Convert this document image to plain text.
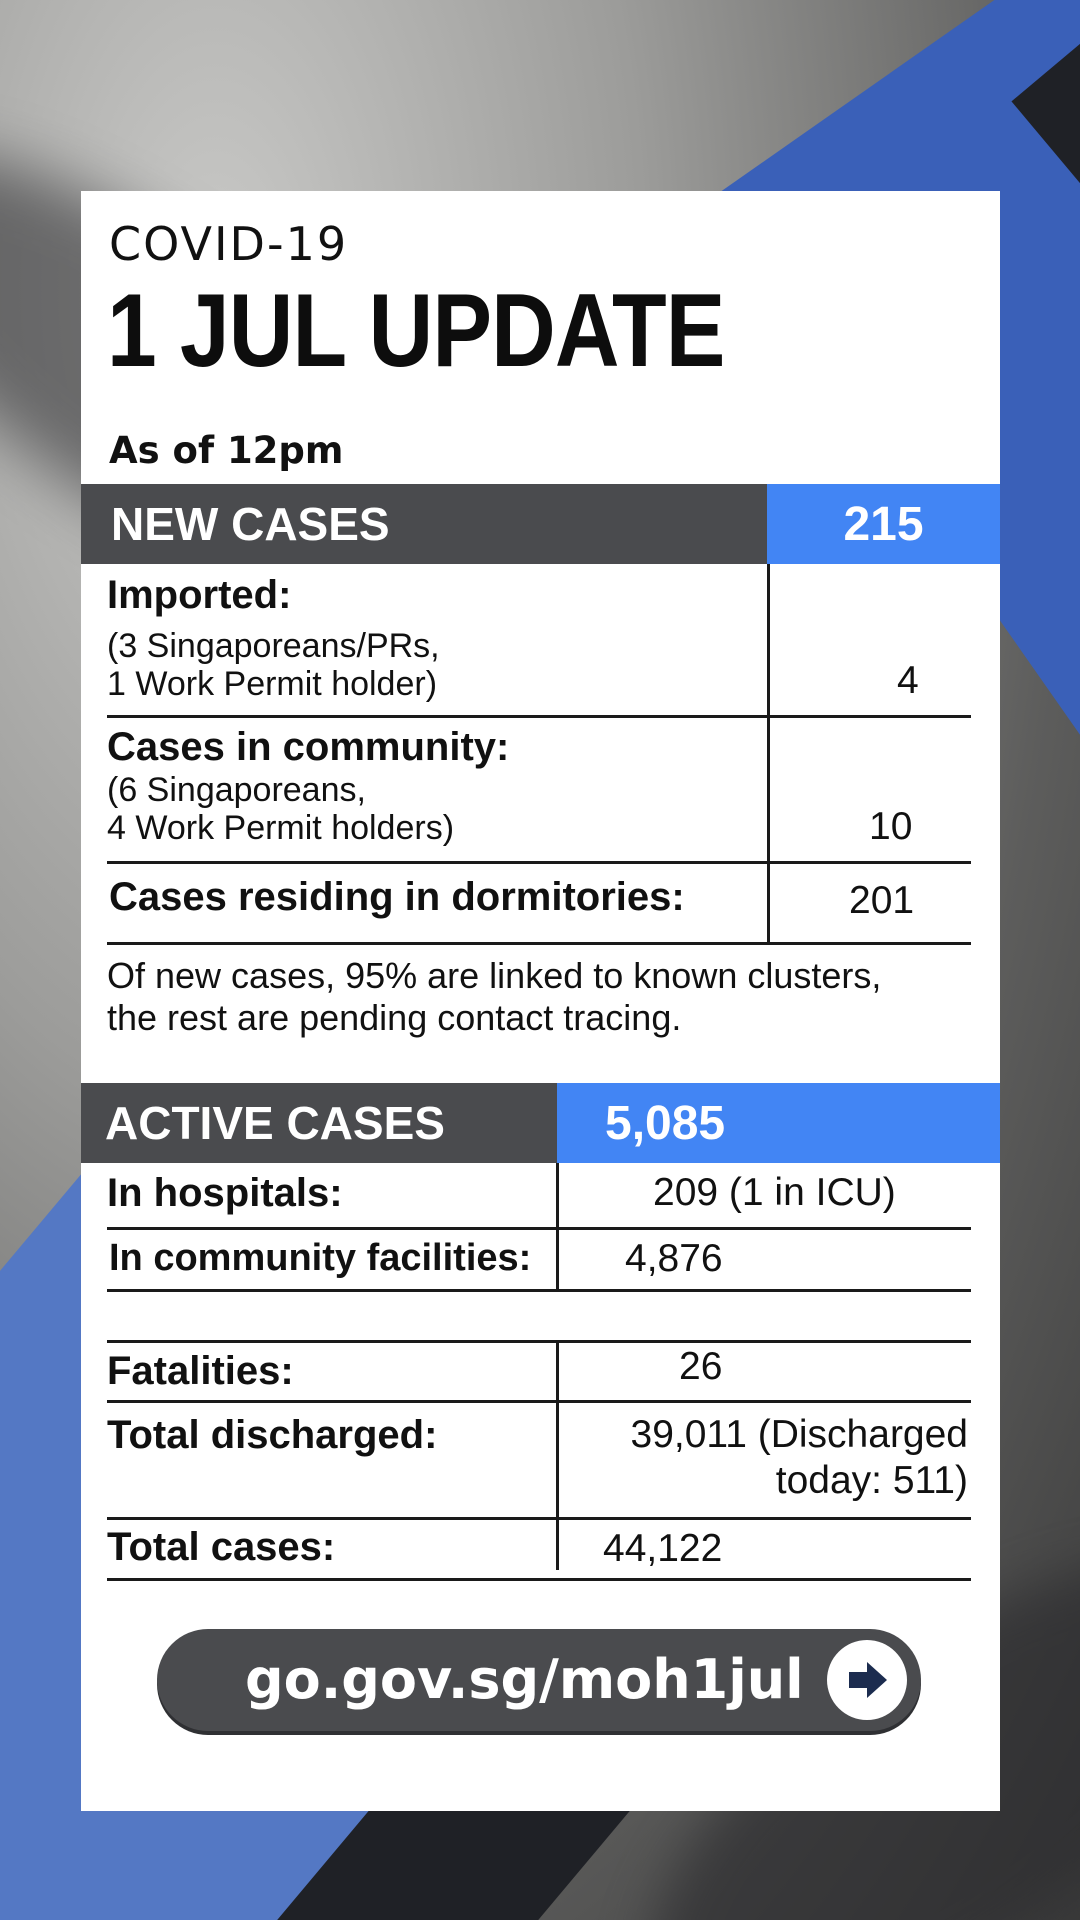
COVID-19
1 JUL UPDATE
As of 12pm
NEW CASES	215
Imported:
(3 Singaporeans/PRs,
1 Work Permit holder)	4
Cases in community:
(6 Singaporeans,
4 Work Permit holders)	10
Cases residing in dormitories:	201
Of new cases, 95% are linked to known clusters,
the rest are pending contact tracing.
ACTIVE CASES	5,085
In hospitals:	209 (1 in ICU)
In community facilities: 4,876
Fatalities:	26
Total discharged:	39,011 (Discharged
today: 511)
Total cases:	44,122
go.gov.sg/moh1jul
